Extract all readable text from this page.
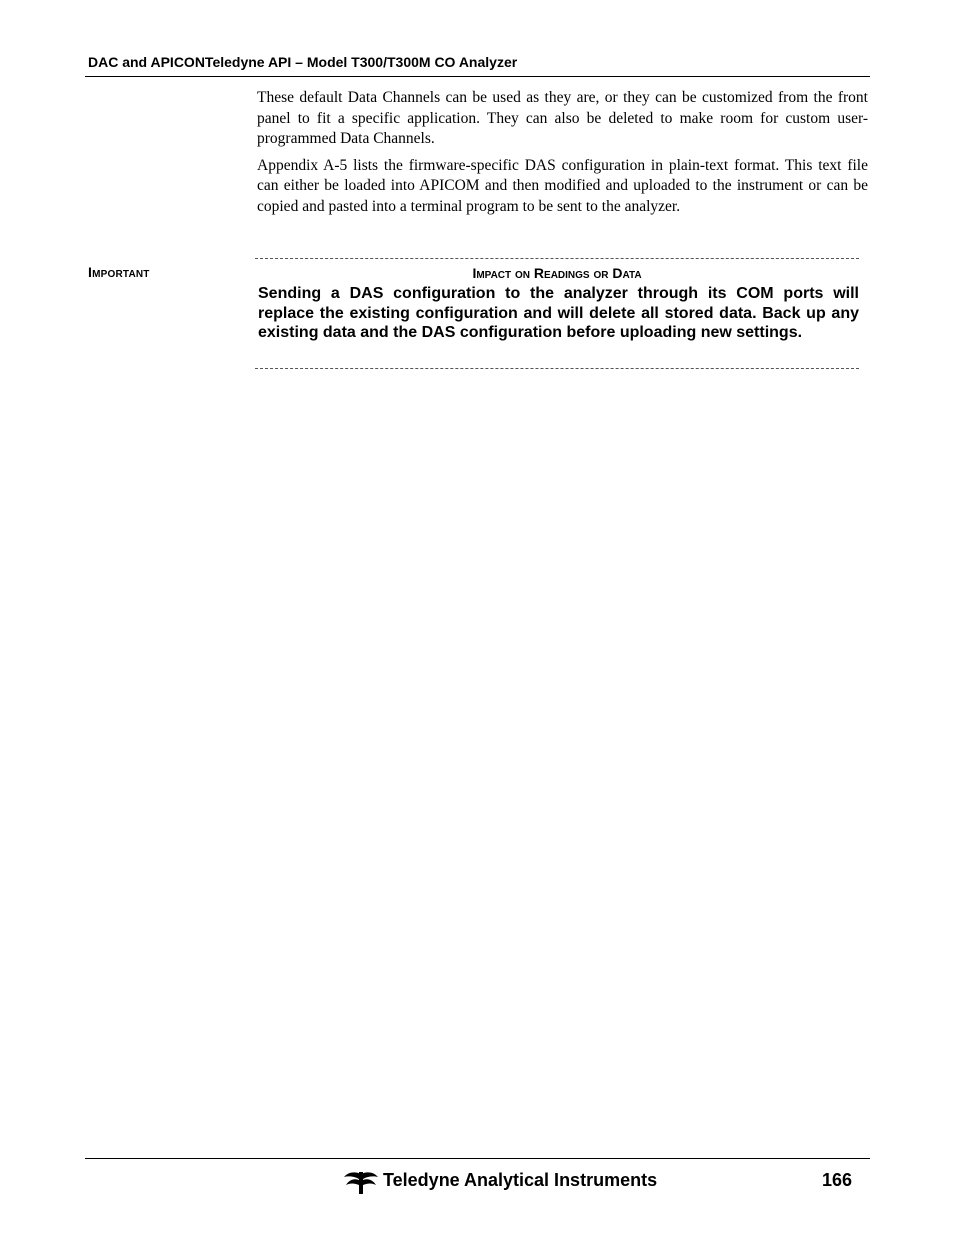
DAC and APICONTeledyne API – Model T300/T300M CO Analyzer

These default Data Channels can be used as they are, or they can be customized from the front panel to fit a specific application. They can also be deleted to make room for custom user-programmed Data Channels.

Appendix A-5 lists the firmware-specific DAS configuration in plain-text format. This text file can either be loaded into APICOM and then modified and uploaded to the instrument or can be copied and pasted into a terminal program to be sent to the analyzer.

Important	Impact on Readings or Data
Sending a DAS configuration to the analyzer through its COM ports will replace the existing configuration and will delete all stored data. Back up any existing data and the DAS configuration before uploading new settings.
Teledyne Analytical Instruments	166
